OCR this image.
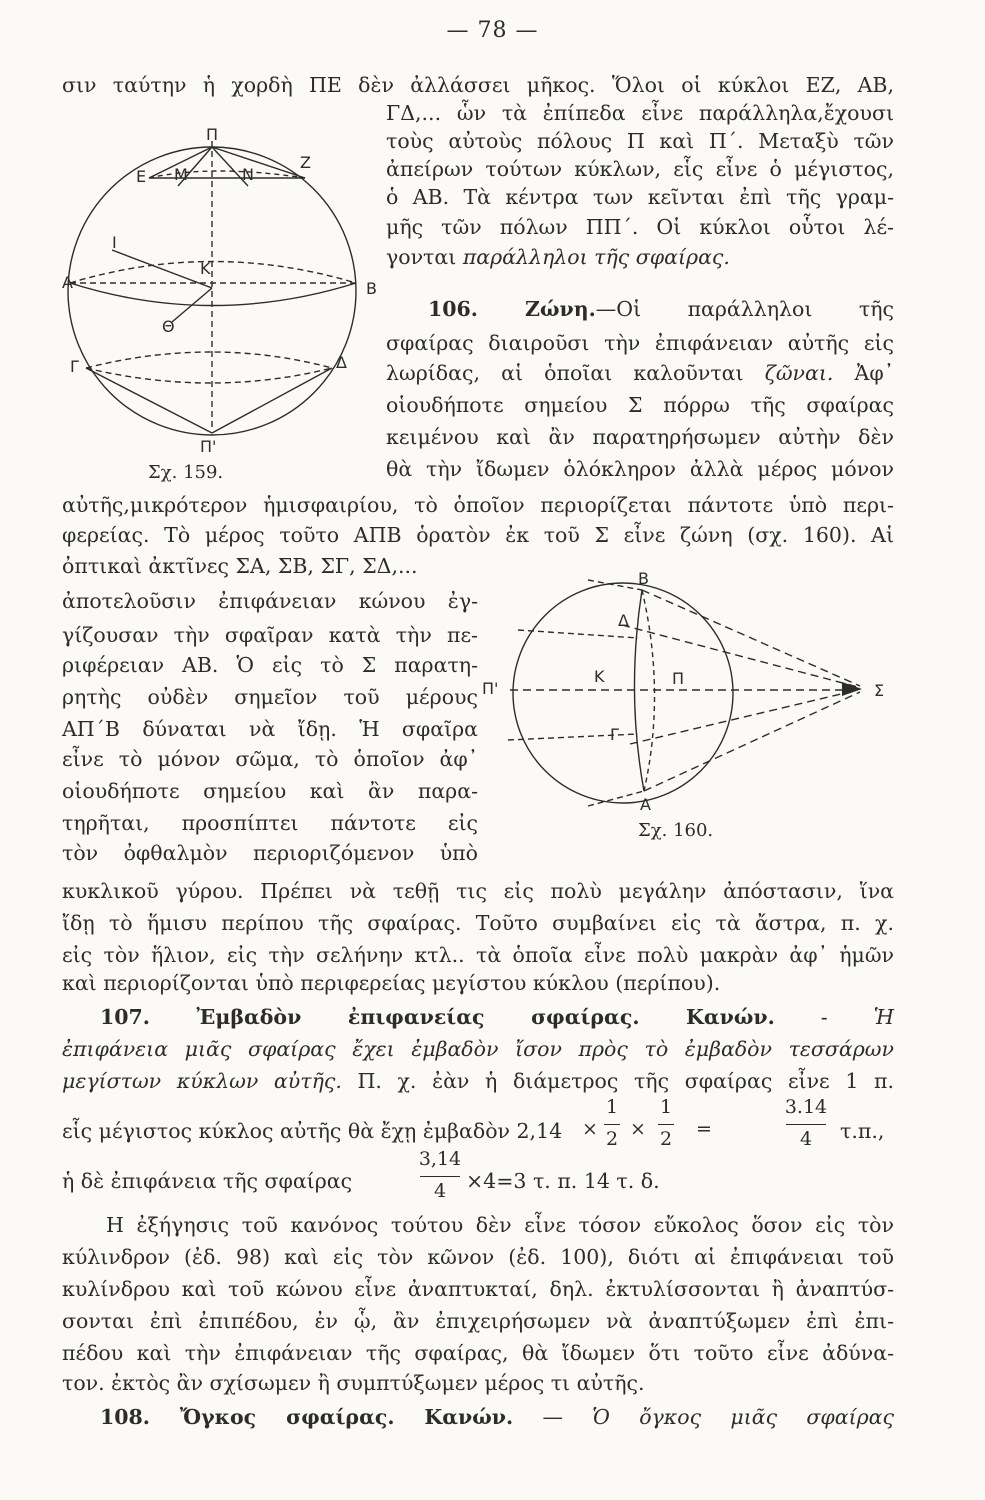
— 78 —

σιν ταύτην ἡ χορδὴ ΠΕ δὲν ἀλλάσσει μῆκος. Ὅλοι οἱ κύκλοι ΕΖ, ΑΒ,

ΓΔ,... ὧν τὰ ἐπίπεδα εἶνε παράλληλα,ἔχουσι

τοὺς αὐτοὺς πόλους Π καὶ Π΄. Μεταξὺ τῶν

ἀπείρων τούτων κύκλων, εἷς εἶνε ὁ μέγιστος,

ὁ ΑΒ. Τὰ κέντρα των κεῖνται ἐπὶ τῆς γραμ-

μῆς τῶν πόλων ΠΠ΄. Οἱ κύκλοι οὗτοι λέ-

γονται παράλληλοι τῆς σφαίρας.

106. Ζώνη.—Οἱ παράλληλοι τῆς

σφαίρας διαιροῦσι τὴν ἐπιφάνειαν αὐτῆς εἰς

λωρίδας, αἱ ὁποῖαι καλοῦνται ζῶναι. Ἀφ᾿

οἱουδήποτε σημείου Σ πόρρω τῆς σφαίρας

κειμένου καὶ ἂν παρατηρήσωμεν αὐτὴν δὲν

θὰ τὴν ἴδωμεν ὁλόκληρον ἀλλὰ μέρος μόνον

Π
E M	N
Z
I
K
A	B
Θ
Γ	Δ
Π'
Σχ. 159.

αὐτῆς,μικρότερον ἡμισφαιρίου, τὸ ὁποῖον περιορίζεται πάντοτε ὑπὸ περι-

φερείας. Τὸ μέρος τοῦτο ΑΠΒ ὁρατὸν ἐκ τοῦ Σ εἶνε ζώνη (σχ. 160). Αἱ

ὀπτικαὶ ἀκτῖνες ΣΑ, ΣΒ, ΣΓ, ΣΔ,...

ἀποτελοῦσιν ἐπιφάνειαν κώνου ἐγ-

γίζουσαν τὴν σφαῖραν κατὰ τὴν πε-

ριφέρειαν ΑΒ. Ὁ εἰς τὸ Σ παρατη-

ρητὴς οὐδὲν σημεῖον τοῦ μέρους

ΑΠ΄Β δύναται νὰ ἴδῃ. Ἡ σφαῖρα

εἶνε τὸ μόνον σῶμα, τὸ ὁποῖον ἀφ᾿

οἱουδήποτε σημείου καὶ ἂν παρα-

τηρῆται, προσπίπτει πάντοτε εἰς

τὸν ὀφθαλμὸν περιοριζόμενον ὑπὸ

B
Δ
K	Π
Π'
Γ
A
Σ
Σχ. 160.

κυκλικοῦ γύρου. Πρέπει νὰ τεθῇ τις εἰς πολὺ μεγάλην ἀπόστασιν, ἵνα

ἴδῃ τὸ ἥμισυ περίπου τῆς σφαίρας. Τοῦτο συμβαίνει εἰς τὰ ἄστρα, π. χ.

εἰς τὸν ἥλιον, εἰς τὴν σελήνην κτλ.. τὰ ὁποῖα εἶνε πολὺ μακρὰν ἀφ᾿ ἡμῶν

καὶ περιορίζονται ὑπὸ περιφερείας μεγίστου κύκλου (περίπου).

107. Ἐμβαδὸν ἐπιφανείας σφαίρας. Κανών. - Ἡ

ἐπιφάνεια μιᾶς σφαίρας ἔχει ἐμβαδὸν ἴσον πρὸς τὸ ἐμβαδὸν τεσσάρων

μεγίστων κύκλων αὐτῆς. Π. χ. ἐὰν ἡ διάμετρος τῆς σφαίρας εἶνε 1 π.

εἷς μέγιστος κύκλος αὐτῆς θὰ ἔχῃ ἐμβαδὸν 2,14	×
1
2 ×
1
2 =
3.14
4	τ.π.,

ἡ δὲ ἐπιφάνεια τῆς σφαίρας

3,14
4 ×4=3 τ. π. 14 τ. δ.

Η ἐξήγησις τοῦ κανόνος τούτου δὲν εἶνε τόσον εὔκολος ὅσον εἰς τὸν

κύλινδρον (ἐδ. 98) καὶ εἰς τὸν κῶνον (ἐδ. 100), διότι αἱ ἐπιφάνειαι τοῦ

κυλίνδρου καὶ τοῦ κώνου εἶνε ἀναπτυκταί, δηλ. ἐκτυλίσσονται ἢ ἀναπτύσ-

σονται ἐπὶ ἐπιπέδου, ἐν ᾧ, ἂν ἐπιχειρήσωμεν νὰ ἀναπτύξωμεν ἐπὶ ἐπι-

πέδου καὶ τὴν ἐπιφάνειαν τῆς σφαίρας, θὰ ἴδωμεν ὅτι τοῦτο εἶνε ἀδύνα-

τον. ἐκτὸς ἂν σχίσωμεν ἢ συμπτύξωμεν μέρος τι αὐτῆς.

108. Ὄγκος σφαίρας. Κανών. — Ὁ ὄγκος μιᾶς σφαίρας
